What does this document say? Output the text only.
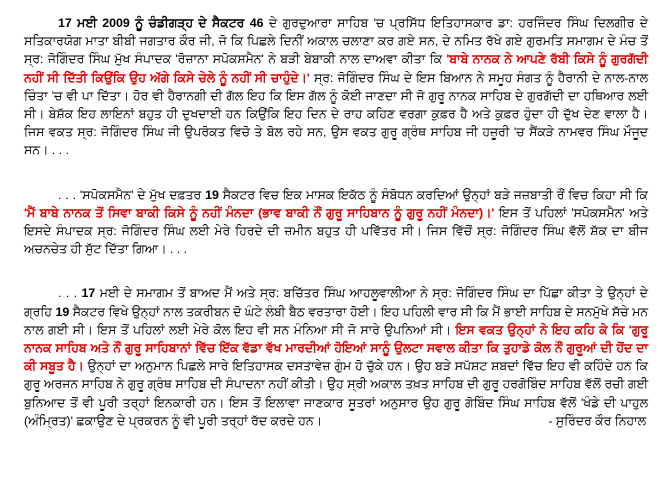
17 ਮਈ 2009 ਨੂੰ ਚੰਡੀਗੜ੍ਹ ਦੇ ਸੈਕਟਰ 46 ਦੇ ਗੁਰਦੁਆਰਾ ਸਾਹਿਬ 'ਚ ਪ੍ਰਸਿੱਧ ਇਤਿਹਾਸਕਾਰ ਡਾ: ਹਰਜਿੰਦਰ ਸਿੰਘ ਦਿਲਗੀਰ ਦੇ ਸਤਿਕਾਰਯੋਗ ਮਾਤਾ ਬੀਬੀ ਜਗਤਾਰ ਕੌਰ ਜੀ, ਜੋ ਕਿ ਪਿਛਲੇ ਦਿਨੀਂ ਅਕਾਲ ਚਲਾਣਾ ਕਰ ਗਏ ਸਨ, ਦੇ ਨਮਿਤ ਰੱਖੇ ਗਏ ਗੁਰਮਤਿ ਸਮਾਗਮ ਦੇ ਮੰਚ ਤੋਂ ਸ੍ਰ: ਜੋਗਿੰਦਰ ਸਿੰਘ ਮੁੱਖ ਸੰਪਾਦਕ 'ਰੋਜ਼ਾਨਾ ਸਪੋਕਸਮੈਨ' ਨੇ ਬੜੀ ਬੇਬਾਕੀ ਨਾਲ ਦਾਅਵਾ ਕੀਤਾ ਕਿ 'ਬਾਬੇ ਨਾਨਕ ਨੇ ਆਪਣੇ ਰੱਬੀ ਕਿਸੇ ਨੂੰ ਗੁਰਗੱਦੀ ਨਹੀਂ ਸੀ ਦਿੱਤੀ ਕਿਉਂਕਿ ਉਹ ਅੱਗੇ ਕਿਸੇ ਚੇਲੇ ਨੂੰ ਨਹੀਂ ਸੀ ਚਾਹੁੰਦੇ।' ਸ੍ਰ: ਜੋਗਿੰਦਰ ਸਿੰਘ ਦੇ ਇਸ ਬਿਆਨ ਨੇ ਸਮੂਹ ਸੰਗਤ ਨੂੰ ਹੈਰਾਨੀ ਦੇ ਨਾਲ-ਨਾਲ ਚਿੰਤਾ 'ਚ ਵੀ ਪਾ ਦਿੱਤਾ। ਹੋਰ ਵੀ ਹੈਰਾਨਗੀ ਦੀ ਗੱਲ ਇਹ ਕਿ ਇਸ ਗੱਲ ਨੂੰ ਕੋਈ ਜਾਣਦਾ ਸੀ ਜੋ ਗੁਰੂ ਨਾਨਕ ਸਾਹਿਬ ਦੇ ਗੁਰਗੱਦੀ ਦਾ ਹਥਿਆਰ ਲਈ ਸੀ। ਬੇਸ਼ੱਕ ਇਹ ਲਾਇਨਾਂ ਬਹੁਤ ਹੀ ਦੁਖਦਾਈ ਹਨ ਕਿਉਂਕਿ ਇਹ ਦਿਨ ਦੇ ਰਾਹ ਕਹਿਣ ਵਰਗਾ ਕੁਫ਼ਰ ਹੈ ਅਤੇ ਕੁਫ਼ਰ ਹੁੰਦਾ ਹੀ ਦੁੱਖ ਦੇਣ ਵਾਲਾ ਹੈ। ਜਿਸ ਵਕਤ ਸ੍ਰ: ਜੋਗਿੰਦਰ ਸਿੰਘ ਜੀ ਉਪਰੋਕਤ ਵਿਚੋ ਤੇ ਬੋਲ ਰਹੇ ਸਨ, ਉਸ ਵਕਤ ਗੁਰੂ ਗ੍ਰੰਥ ਸਾਹਿਬ ਜੀ ਹਜ਼ੂਰੀ 'ਚ ਸੈਂਕੜੇ ਨਾਮਵਰ ਸਿੰਘ ਮੌਜੂਦ ਸਨ। . . .

. . . 'ਸਪੋਕਸਮੈਨ' ਦੇ ਮੁੱਖ ਦਫ਼ਤਰ 19 ਸੈਕਟਰ ਵਿਚ ਇਕ ਮਾਸਕ ਇਕੱਠ ਨੂੰ ਸੰਬੋਧਨ ਕਰਦਿਆਂ ਉਨ੍ਹਾਂ ਬੜੇ ਜਜ਼ਬਾਤੀ ਰੌਂ ਵਿਚ ਕਿਹਾ ਸੀ ਕਿ 'ਮੈਂ ਬਾਬੇ ਨਾਨਕ ਤੋਂ ਸਿਵਾ ਬਾਕੀ ਕਿਸੇ ਨੂੰ ਨਹੀਂ ਮੰਨਦਾ (ਭਾਵ ਬਾਕੀ ਨੌਂ ਗੁਰੂ ਸਾਹਿਬਾਨ ਨੂੰ ਗੁਰੂ ਨਹੀਂ ਮੰਨਦਾ)।' ਇਸ ਤੋਂ ਪਹਿਲਾਂ 'ਸਪੋਕਸਮੈਨ' ਅਤੇ ਇਸਦੇ ਸੰਪਾਦਕ ਸ੍ਰ: ਜੋਗਿੰਦਰ ਸਿੰਘ ਲਈ ਮੇਰੇ ਹਿਰਦੇ ਦੀ ਜ਼ਮੀਨ ਬਹੁਤ ਹੀ ਪਵਿੱਤਰ ਸੀ। ਜਿਸ ਵਿੱਚੋਂ ਸ੍ਰ: ਜੋਗਿੰਦਰ ਸਿੰਘ ਵੱਲੋਂ ਸ਼ੱਕ ਦਾ ਬੀਜ ਅਚਨਚੇਤ ਹੀ ਸੁੱਟ ਦਿੱਤਾ ਗਿਆ। . . .

. . . 17 ਮਈ ਦੇ ਸਮਾਗਮ ਤੋਂ ਬਾਅਦ ਮੈਂ ਅਤੇ ਸ੍ਰ: ਬਚਿੱਤਰ ਸਿੰਘ ਆਹਲੂਵਾਲੀਆ ਨੇ ਸ੍ਰ: ਜੋਗਿੰਦਰ ਸਿੰਘ ਦਾ ਪਿੱਛਾ ਕੀਤਾ ਤੇ ਉਨ੍ਹਾਂ ਦੇ ਗ੍ਰਹਿ 19 ਸੈਕਟਰ ਵਿਖੇ ਉਨ੍ਹਾਂ ਨਾਲ ਤਕਰੀਬਨ ਦੋ ਘੰਟੇ ਲੰਬੀ ਬੈਠ ਵਰਤਾਰਾ ਹੋਈ। ਇਹ ਪਹਿਲੀ ਵਾਰ ਸੀ ਕਿ ਮੈਂ ਭਾਈ ਸਾਹਿਬ ਦੇ ਸਨਮੁੱਖੇ ਸੱਚੇ ਮਨ ਨਾਲ ਗਈ ਸੀ। ਇਸ ਤੋਂ ਪਹਿਲਾਂ ਲਈ ਮੇਰੇ ਕੋਲ ਇਹ ਵੀ ਸਨ ਮੰਨਿਆ ਸੀ ਜੋ ਸਾਰੇ ਉਪਨਿਆਂ ਸੀ। ਇਸ ਵਕਤ ਉਨ੍ਹਾਂ ਨੇ ਇਹ ਕਹਿ ਕੇ ਕਿ 'ਗੁਰੂ ਨਾਨਕ ਸਾਹਿਬ ਅਤੇ ਨੌਂ ਗੁਰੂ ਸਾਹਿਬਾਨਾਂ ਵਿੱਚ ਇੱਕ ਵੱਡਾ ਵੱਖ ਮਾਰਦੀਆਂ ਹੋਇਆਂ ਸਾਨੂੰ ਉਲਟਾ ਸਵਾਲ ਕੀਤਾ ਕਿ ਤੁਹਾਡੇ ਕੋਲ ਨੌਂ ਗੁਰੂਆਂ ਦੀ ਹੋਂਦ ਦਾ ਕੀ ਸਬੂਤ ਹੈ। ਉਨ੍ਹਾਂ ਦਾ ਅਨੁਮਾਨ ਪਿਛਲੇ ਸਾਰੇ ਇਤਿਹਾਸਕ ਦਸਤਾਵੇਜ਼ ਗੁੰਮ ਹੋ ਚੁੱਕੇ ਹਨ। ਉਹ ਬੜੇ ਸਪੱਸ਼ਟ ਸ਼ਬਦਾਂ ਵਿੱਚ ਇਹ ਵੀ ਕਹਿੰਦੇ ਹਨ ਕਿ ਗੁਰੂ ਅਰਜਨ ਸਾਹਿਬ ਨੇ ਗੁਰੂ ਗ੍ਰੰਥ ਸਾਹਿਬ ਦੀ ਸੰਪਾਦਨਾ ਨਹੀਂ ਕੀਤੀ। ਉਹ ਸ੍ਰੀ ਅਕਾਲ ਤਖ਼ਤ ਸਾਹਿਬ ਦੀ ਗੁਰੂ ਹਰਗੋਬਿੰਦ ਸਾਹਿਬ ਵੱਲੋਂ ਰਚੀ ਗਈ ਬੁਨਿਆਦ ਤੋਂ ਵੀ ਪੂਰੀ ਤਰ੍ਹਾਂ ਇਨਕਾਰੀ ਹਨ। ਇਸ ਤੋਂ ਇਲਾਵਾ ਜਾਣਕਾਰ ਸੂਤਰਾਂ ਅਨੁਸਾਰ ਉਹ ਗੁਰੂ ਗੋਬਿੰਦ ਸਿੰਘ ਸਾਹਿਬ ਵੱਲੋਂ 'ਖੰਡੇ ਦੀ ਪਾਹੁਲ (ਅੰਮ੍ਰਿਤ)' ਛਕਾਉਣ ਦੇ ਪ੍ਰਕਰਨ ਨੂੰ ਵੀ ਪੂਰੀ ਤਰ੍ਹਾਂ ਰੱਦ ਕਰਦੇ ਹਨ।	- ਸੁਰਿੰਦਰ ਕੌਰ ਨਿਹਾਲ
